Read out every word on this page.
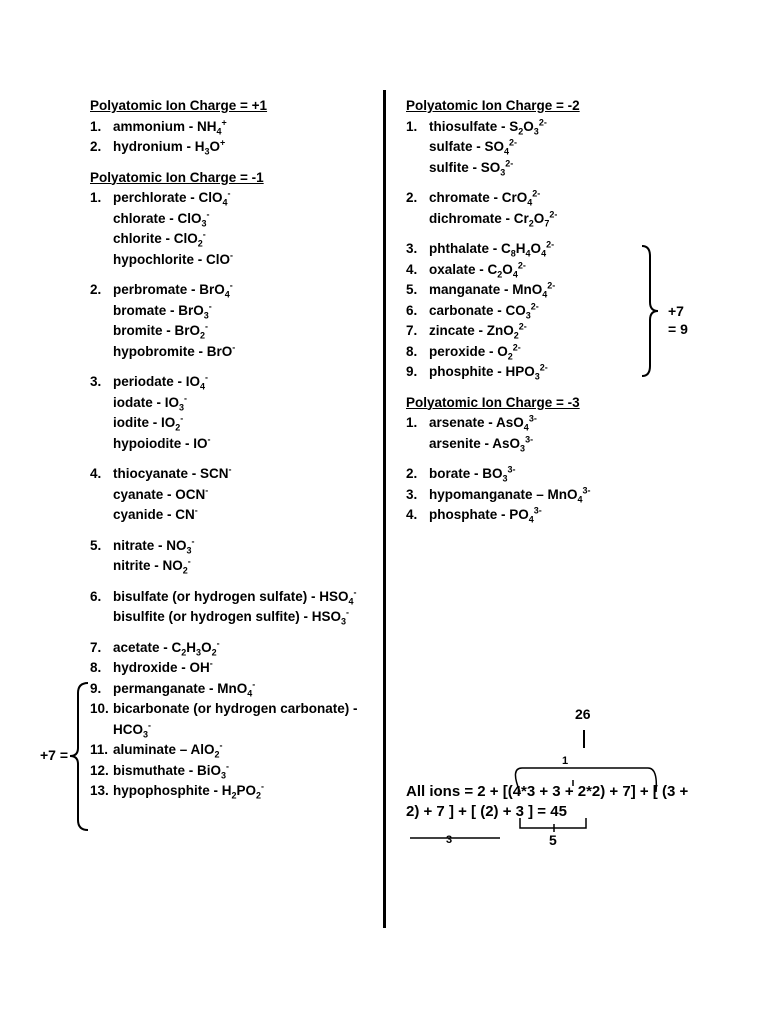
Polyatomic Ion Charge = +1
1. ammonium - $NH_4^+$
2. hydronium - $H_3O^+$
Polyatomic Ion Charge = -1
1. perchlorate - ClO$_4$-
chlorate - ClO$_3$-
chlorite - ClO$_2$-
hypochlorite - ClO-
2. perbromate - BrO$_4$-
bromate - BrO$_3$-
bromite - BrO$_2$-
hypobromite - BrO-
3. periodate - $IO_4^-$
iodate - $IO_3^-$
iodite - $IO_2^-$
hypoiodite - IO-
4. thiocyanate - SCN-
cyanate - OCN-
cyanide - CN-
5. nitrate - $NO_3^-$
nitrite - $NO_2^-$
6. bisulfate (or hydrogen sulfate) - $HSO_4^-$
bisulfite (or hydrogen sulfite) - $HSO_3^-$
7. acetate - $C_2H_3O_2^-$
8. hydroxide - OH-
9. permanganate - MnO$_4$-
10. bicarbonate (or hydrogen carbonate) - $HCO_3^-$
11. aluminate – AlO$_2$-
12. bismuthate - BiO$_3$-
13. hypophosphite - $H_2PO_2^-$
Polyatomic Ion Charge = -2
1. thiosulfate - $S_2O_3^{2-}$
sulfate - $SO_4^{2-}$
sulfite - $SO_3^{2-}$
2. chromate - CrO$_4^{2-}$
dichromate - $Cr_2O_7^{2-}$
3. phthalate - $C_8H_4O_4^{2-}$
4. oxalate - $C_2O_4^{2-}$
5. manganate - MnO$_4^{2-}$
6. carbonate - $CO_3^{2-}$
7. zincate - ZnO$_2^{2-}$
8. peroxide - $O_2^{2-}$
9. phosphite - $HPO_3^{2-}$
Polyatomic Ion Charge = -3
1. arsenate - AsO$_4^{3-}$
arsenite - AsO$_3^{3-}$
2. borate - $BO_3^{3-}$
3. hypomanganate – MnO$_4^{3-}$
4. phosphate - $PO_4^{3-}$
+7 =
+7
= 9
26
1
5
3
All ions = 2 + [(4*3 + 3 + 2*2) + 7] + [ (3 + 2) + 7 ] + [ (2) + 3 ] = 45
